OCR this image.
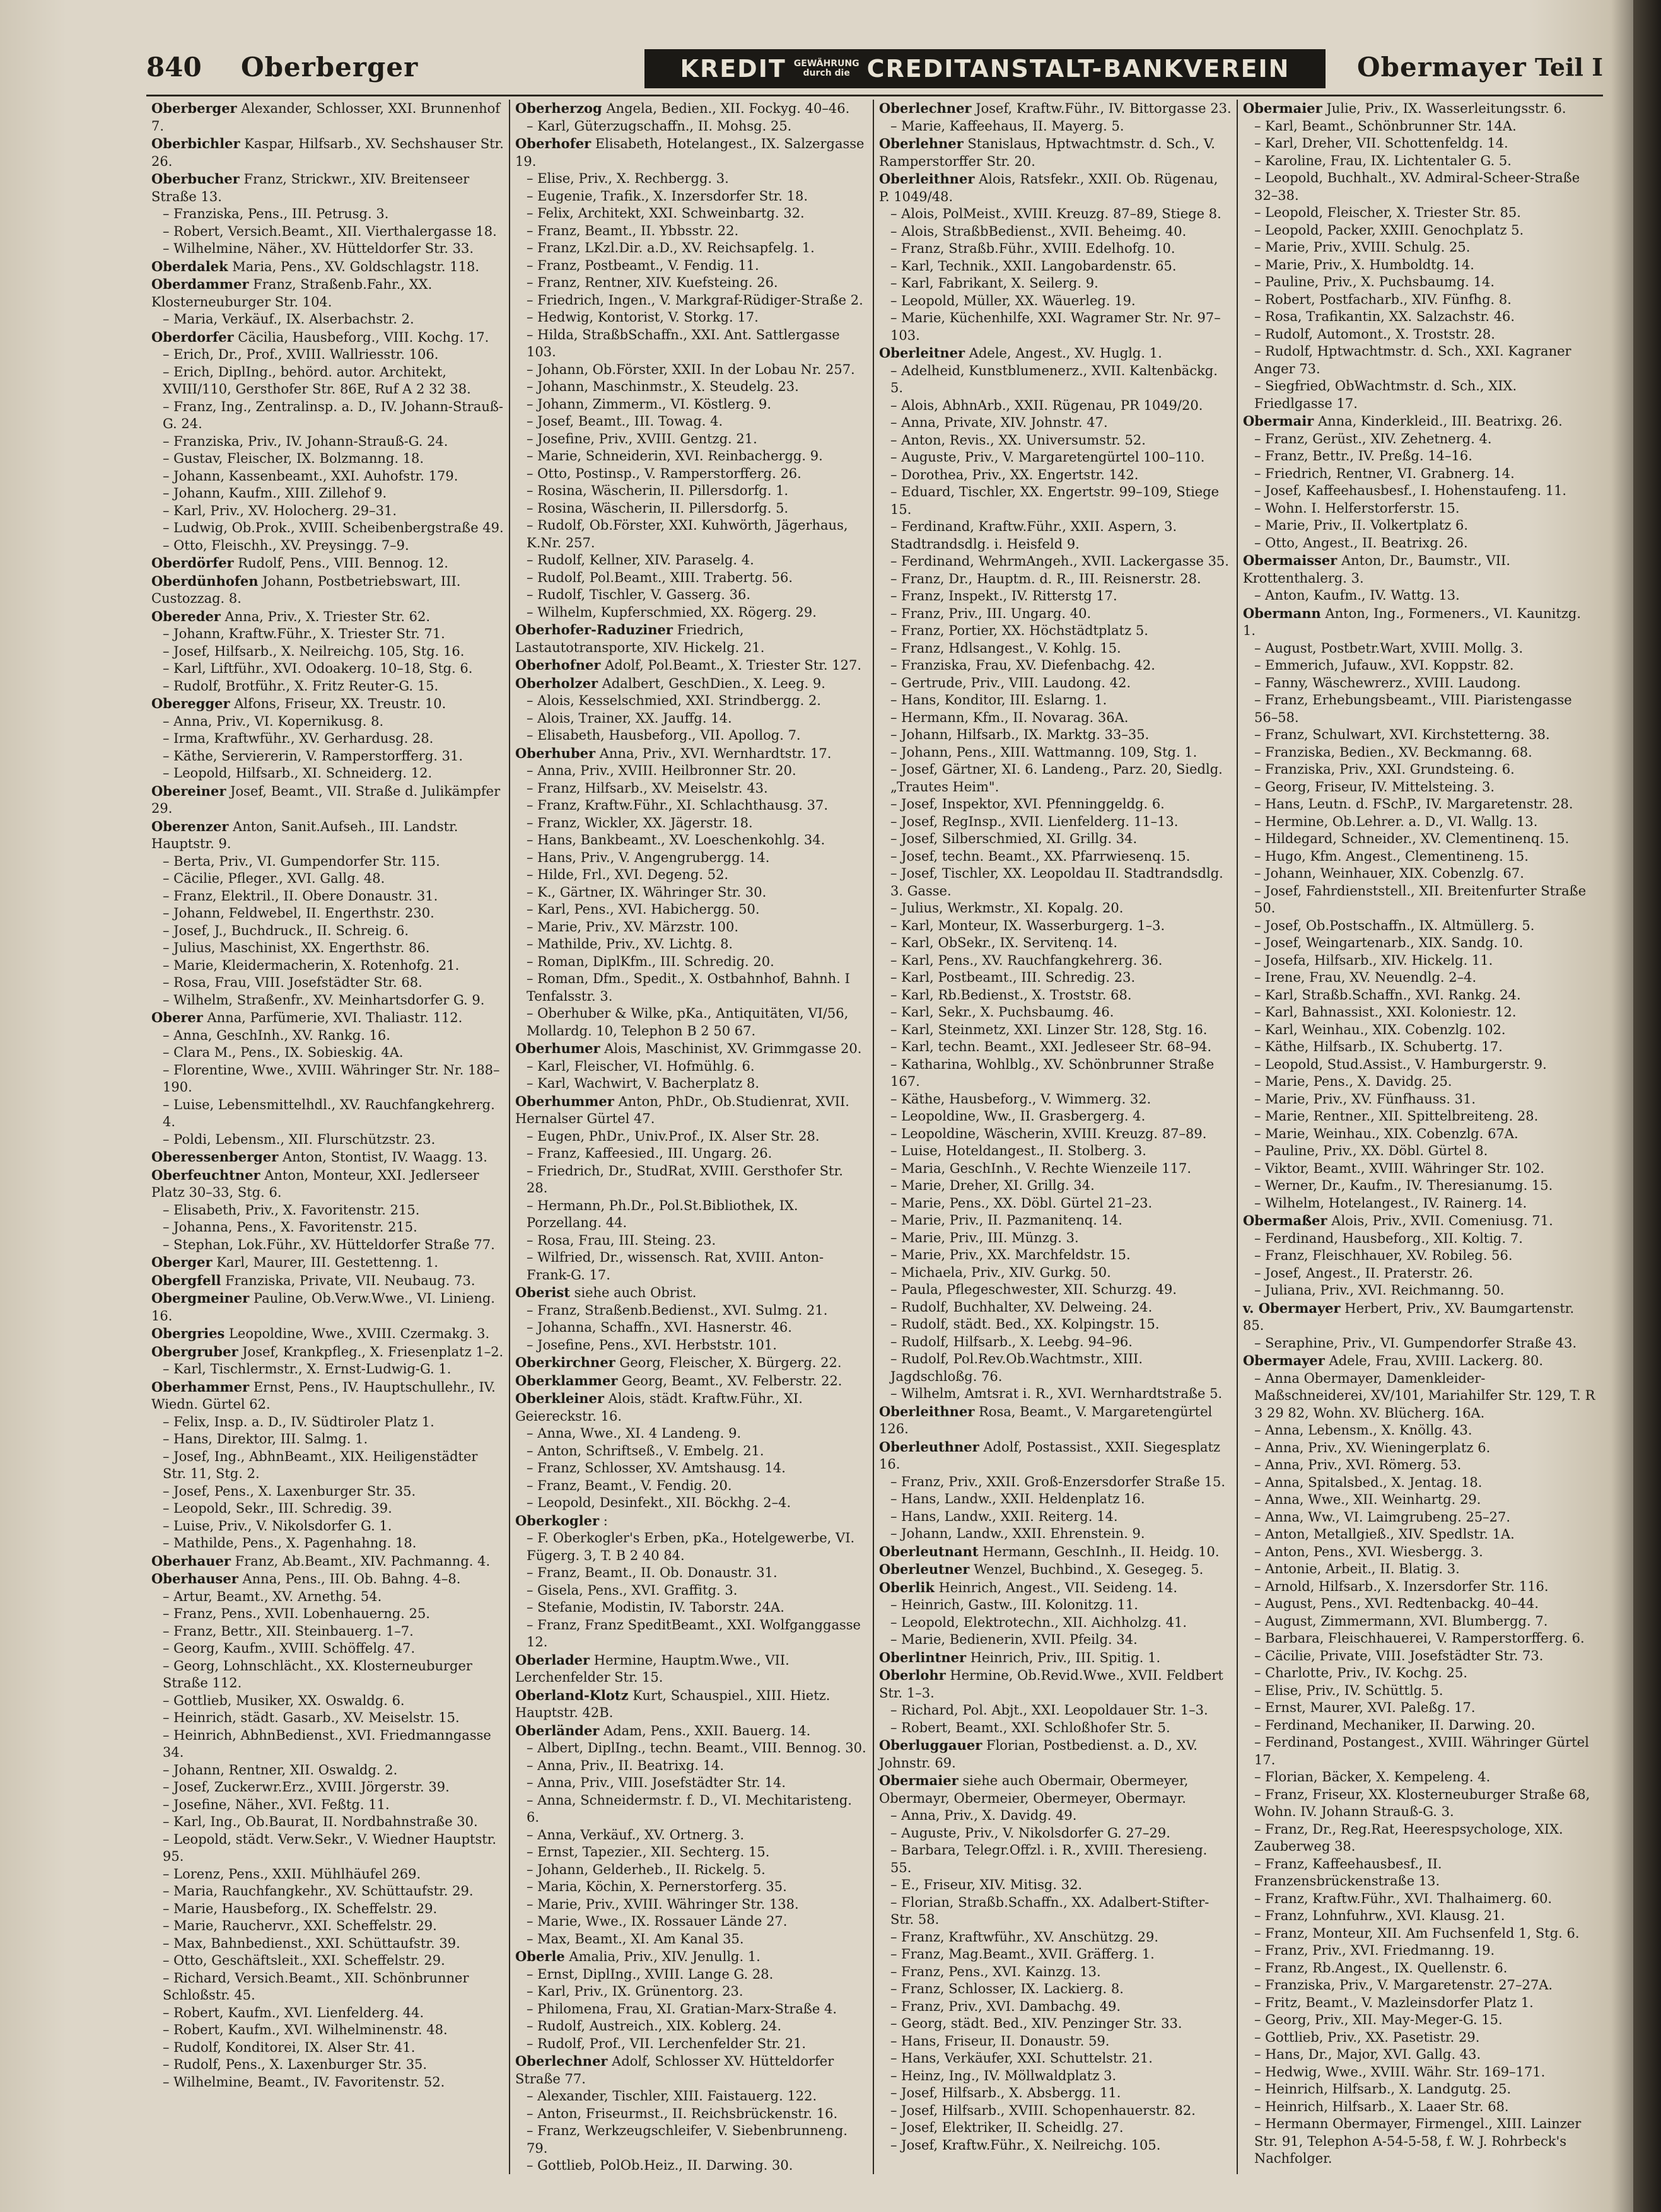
840 Oberberger	KREDIT GEWÄHRUNG
durch die CREDITANSTALT-BANKVEREIN	Obermayer Teil I
Oberberger Alexander, Schlosser, XXI. Brunnenhof 7.
Oberbichler Kaspar, Hilfsarb., XV. Sechshauser Str. 26.
Oberbucher Franz, Strickwr., XIV. Breitenseer Straße 13.
– Franziska, Pens., III. Petrusg. 3.
– Robert, Versich.Beamt., XII. Vierthalergasse 18.
– Wilhelmine, Näher., XV. Hütteldorfer Str. 33.
Oberdalek Maria, Pens., XV. Goldschlagstr. 118.
Oberdammer Franz, Straßenb.Fahr., XX. Klosterneuburger Str. 104.
– Maria, Verkäuf., IX. Alserbachstr. 2.
Oberdorfer Cäcilia, Hausbeforg., VIII. Kochg. 17.
– Erich, Dr., Prof., XVIII. Wallriesstr. 106.
– Erich, DiplIng., behörd. autor. Architekt, XVIII/110, Gersthofer Str. 86E, Ruf A 2 32 38.
– Franz, Ing., Zentralinsp. a. D., IV. Johann-Strauß-G. 24.
– Franziska, Priv., IV. Johann-Strauß-G. 24.
– Gustav, Fleischer, IX. Bolzmanng. 18.
– Johann, Kassenbeamt., XXI. Auhofstr. 179.
– Johann, Kaufm., XIII. Zillehof 9.
– Karl, Priv., XV. Holocherg. 29–31.
– Ludwig, Ob.Prok., XVIII. Scheibenbergstraße 49.
– Otto, Fleischh., XV. Preysingg. 7–9.
Oberdörfer Rudolf, Pens., VIII. Bennog. 12.
Oberdünhofen Johann, Postbetriebswart, III. Custozzag. 8.
Obereder Anna, Priv., X. Triester Str. 62.
– Johann, Kraftw.Führ., X. Triester Str. 71.
– Josef, Hilfsarb., X. Neilreichg. 105, Stg. 16.
– Karl, Liftführ., XVI. Odoakerg. 10–18, Stg. 6.
– Rudolf, Brotführ., X. Fritz Reuter-G. 15.
Oberegger Alfons, Friseur, XX. Treustr. 10.
– Anna, Priv., VI. Kopernikusg. 8.
– Irma, Kraftwführ., XV. Gerhardusg. 28.
– Käthe, Serviererin, V. Ramperstorfferg. 31.
– Leopold, Hilfsarb., XI. Schneiderg. 12.
Obereiner Josef, Beamt., VII. Straße d. Julikämpfer 29.
Oberenzer Anton, Sanit.Aufseh., III. Landstr. Hauptstr. 9.
– Berta, Priv., VI. Gumpendorfer Str. 115.
– Cäcilie, Pfleger., XVI. Gallg. 48.
– Franz, Elektril., II. Obere Donaustr. 31.
– Johann, Feldwebel, II. Engerthstr. 230.
– Josef, J., Buchdruck., II. Schreig. 6.
– Julius, Maschinist, XX. Engerthstr. 86.
– Marie, Kleidermacherin, X. Rotenhofg. 21.
– Rosa, Frau, VIII. Josefstädter Str. 68.
– Wilhelm, Straßenfr., XV. Meinhartsdorfer G. 9.
Oberer Anna, Parfümerie, XVI. Thaliastr. 112.
– Anna, GeschInh., XV. Rankg. 16.
– Clara M., Pens., IX. Sobieskig. 4A.
– Florentine, Wwe., XVIII. Währinger Str. Nr. 188–190.
– Luise, Lebensmittelhdl., XV. Rauchfangkehrerg. 4.
– Poldi, Lebensm., XII. Flurschützstr. 23.
Oberessenberger Anton, Stontist, IV. Waagg. 13.
Oberfeuchtner Anton, Monteur, XXI. Jedlerseer Platz 30–33, Stg. 6.
– Elisabeth, Priv., X. Favoritenstr. 215.
– Johanna, Pens., X. Favoritenstr. 215.
– Stephan, Lok.Führ., XV. Hütteldorfer Straße 77.
Oberger Karl, Maurer, III. Gestettenng. 1.
Obergfell Franziska, Private, VII. Neubaug. 73.
Obergmeiner Pauline, Ob.Verw.Wwe., VI. Linieng. 16.
Obergries Leopoldine, Wwe., XVIII. Czermakg. 3.
Obergruber Josef, Krankpfleg., X. Friesenplatz 1–2.
– Karl, Tischlermstr., X. Ernst-Ludwig-G. 1.
Oberhammer Ernst, Pens., IV. Hauptschullehr., IV. Wiedn. Gürtel 62.
– Felix, Insp. a. D., IV. Südtiroler Platz 1.
– Hans, Direktor, III. Salmg. 1.
– Josef, Ing., AbhnBeamt., XIX. Heiligenstädter Str. 11, Stg. 2.
– Josef, Pens., X. Laxenburger Str. 35.
– Leopold, Sekr., III. Schredig. 39.
– Luise, Priv., V. Nikolsdorfer G. 1.
– Mathilde, Pens., X. Pagenhahng. 18.
Oberhauer Franz, Ab.Beamt., XIV. Pachmanng. 4.
Oberhauser Anna, Pens., III. Ob. Bahng. 4–8.
– Artur, Beamt., XV. Arnethg. 54.
– Franz, Pens., XVII. Lobenhauerng. 25.
– Franz, Bettr., XII. Steinbauerg. 1–7.
– Georg, Kaufm., XVIII. Schöffelg. 47.
– Georg, Lohnschlächt., XX. Klosterneuburger Straße 112.
– Gottlieb, Musiker, XX. Oswaldg. 6.
– Heinrich, städt. Gasarb., XV. Meiselstr. 15.
– Heinrich, AbhnBedienst., XVI. Friedmanngasse 34.
– Johann, Rentner, XII. Oswaldg. 2.
– Josef, Zuckerwr.Erz., XVIII. Jörgerstr. 39.
– Josefine, Näher., XVI. Feßtg. 11.
– Karl, Ing., Ob.Baurat, II. Nordbahnstraße 30.
– Leopold, städt. Verw.Sekr., V. Wiedner Hauptstr. 95.
– Lorenz, Pens., XXII. Mühlhäufel 269.
– Maria, Rauchfangkehr., XV. Schüttaufstr. 29.
– Marie, Hausbeforg., IX. Scheffelstr. 29.
– Marie, Rauchervr., XXI. Scheffelstr. 29.
– Max, Bahnbedienst., XXI. Schüttaufstr. 39.
– Otto, Geschäftsleit., XXI. Scheffelstr. 29.
– Richard, Versich.Beamt., XII. Schönbrunner Schloßstr. 45.
– Robert, Kaufm., XVI. Lienfelderg. 44.
– Robert, Kaufm., XVI. Wilhelminenstr. 48.
– Rudolf, Konditorei, IX. Alser Str. 41.
– Rudolf, Pens., X. Laxenburger Str. 35.
– Wilhelmine, Beamt., IV. Favoritenstr. 52.
Oberherzog Angela, Bedien., XII. Fockyg. 40–46.
– Karl, Güterzugschaffn., II. Mohsg. 25.
Oberhofer Elisabeth, Hotelangest., IX. Salzergasse 19.
– Elise, Priv., X. Rechbergg. 3.
– Eugenie, Trafik., X. Inzersdorfer Str. 18.
– Felix, Architekt, XXI. Schweinbartg. 32.
– Franz, Beamt., II. Ybbsstr. 22.
– Franz, LKzl.Dir. a.D., XV. Reichsapfelg. 1.
– Franz, Postbeamt., V. Fendig. 11.
– Franz, Rentner, XIV. Kuefsteing. 26.
– Friedrich, Ingen., V. Markgraf-Rüdiger-Straße 2.
– Hedwig, Kontorist, V. Storkg. 17.
– Hilda, StraßbSchaffn., XXI. Ant. Sattlergasse 103.
– Johann, Ob.Förster, XXII. In der Lobau Nr. 257.
– Johann, Maschinmstr., X. Steudelg. 23.
– Johann, Zimmerm., VI. Köstlerg. 9.
– Josef, Beamt., III. Towag. 4.
– Josefine, Priv., XVIII. Gentzg. 21.
– Marie, Schneiderin, XVI. Reinbachergg. 9.
– Otto, Postinsp., V. Ramperstorfferg. 26.
– Rosina, Wäscherin, II. Pillersdorfg. 1.
– Rosina, Wäscherin, II. Pillersdorfg. 5.
– Rudolf, Ob.Förster, XXI. Kuhwörth, Jägerhaus, K.Nr. 257.
– Rudolf, Kellner, XIV. Paraselg. 4.
– Rudolf, Pol.Beamt., XIII. Trabertg. 56.
– Rudolf, Tischler, V. Gasserg. 36.
– Wilhelm, Kupferschmied, XX. Rögerg. 29.
Oberhofer-Raduziner Friedrich, Lastautotransporte, XIV. Hickelg. 21.
Oberhofner Adolf, Pol.Beamt., X. Triester Str. 127.
Oberholzer Adalbert, GeschDien., X. Leeg. 9.
– Alois, Kesselschmied, XXI. Strindbergg. 2.
– Alois, Trainer, XX. Jauffg. 14.
– Elisabeth, Hausbeforg., VII. Apollog. 7.
Oberhuber Anna, Priv., XVI. Wernhardtstr. 17.
– Anna, Priv., XVIII. Heilbronner Str. 20.
– Franz, Hilfsarb., XV. Meiselstr. 43.
– Franz, Kraftw.Führ., XI. Schlachthausg. 37.
– Franz, Wickler, XX. Jägerstr. 18.
– Hans, Bankbeamt., XV. Loeschenkohlg. 34.
– Hans, Priv., V. Angengrubergg. 14.
– Hilde, Frl., XVI. Degeng. 52.
– K., Gärtner, IX. Währinger Str. 30.
– Karl, Pens., XVI. Habichergg. 50.
– Marie, Priv., XV. Märzstr. 100.
– Mathilde, Priv., XV. Lichtg. 8.
– Roman, DiplKfm., III. Schredig. 20.
– Roman, Dfm., Spedit., X. Ostbahnhof, Bahnh. I Tenfalsstr. 3.
– Oberhuber & Wilke, pKa., Antiquitäten, VI/56, Mollardg. 10, Telephon B 2 50 67.
Oberhumer Alois, Maschinist, XV. Grimmgasse 20.
– Karl, Fleischer, VI. Hofmühlg. 6.
– Karl, Wachwirt, V. Bacherplatz 8.
Oberhummer Anton, PhDr., Ob.Studienrat, XVII. Hernalser Gürtel 47.
– Eugen, PhDr., Univ.Prof., IX. Alser Str. 28.
– Franz, Kaffeesied., III. Ungarg. 26.
– Friedrich, Dr., StudRat, XVIII. Gersthofer Str. 28.
– Hermann, Ph.Dr., Pol.St.Bibliothek, IX. Porzellang. 44.
– Rosa, Frau, III. Steing. 23.
– Wilfried, Dr., wissensch. Rat, XVIII. Anton-Frank-G. 17.
Oberist siehe auch Obrist.
– Franz, Straßenb.Bedienst., XVI. Sulmg. 21.
– Johanna, Schaffn., XVI. Hasnerstr. 46.
– Josefine, Pens., XVI. Herbststr. 101.
Oberkirchner Georg, Fleischer, X. Bürgerg. 22.
Oberklammer Georg, Beamt., XV. Felberstr. 22.
Oberkleiner Alois, städt. Kraftw.Führ., XI. Geiereckstr. 16.
– Anna, Wwe., XI. 4 Landeng. 9.
– Anton, Schriftseß., V. Embelg. 21.
– Franz, Schlosser, XV. Amtshausg. 14.
– Franz, Beamt., V. Fendig. 20.
– Leopold, Desinfekt., XII. Böckhg. 2–4.
Oberkogler :
– F. Oberkogler's Erben, pKa., Hotelgewerbe, VI. Fügerg. 3, T. B 2 40 84.
– Franz, Beamt., II. Ob. Donaustr. 31.
– Gisela, Pens., XVI. Graffitg. 3.
– Stefanie, Modistin, IV. Taborstr. 24A.
– Franz, Franz SpeditBeamt., XXI. Wolfganggasse 12.
Oberlader Hermine, Hauptm.Wwe., VII. Lerchenfelder Str. 15.
Oberland-Klotz Kurt, Schauspiel., XIII. Hietz. Hauptstr. 42B.
Oberländer Adam, Pens., XXII. Bauerg. 14.
– Albert, DiplIng., techn. Beamt., VIII. Bennog. 30.
– Anna, Priv., II. Beatrixg. 14.
– Anna, Priv., VIII. Josefstädter Str. 14.
– Anna, Schneidermstr. f. D., VI. Mechitaristeng. 6.
– Anna, Verkäuf., XV. Ortnerg. 3.
– Ernst, Tapezier., XII. Sechterg. 15.
– Johann, Gelderheb., II. Rickelg. 5.
– Maria, Köchin, X. Pernerstorferg. 35.
– Marie, Priv., XVIII. Währinger Str. 138.
– Marie, Wwe., IX. Rossauer Lände 27.
– Max, Beamt., XI. Am Kanal 35.
Oberle Amalia, Priv., XIV. Jenullg. 1.
– Ernst, DiplIng., XVIII. Lange G. 28.
– Karl, Priv., IX. Grünentorg. 23.
– Philomena, Frau, XI. Gratian-Marx-Straße 4.
– Rudolf, Austreich., XIX. Koblerg. 24.
– Rudolf, Prof., VII. Lerchenfelder Str. 21.
Oberlechner Adolf, Schlosser XV. Hütteldorfer Straße 77.
– Alexander, Tischler, XIII. Faistauerg. 122.
– Anton, Friseurmst., II. Reichsbrückenstr. 16.
– Franz, Werkzeugschleifer, V. Siebenbrunneng. 79.
– Gottlieb, PolOb.Heiz., II. Darwing. 30.
Oberlechner Josef, Kraftw.Führ., IV. Bittorgasse 23.
– Marie, Kaffeehaus, II. Mayerg. 5.
Oberlehner Stanislaus, Hptwachtmstr. d. Sch., V. Ramperstorffer Str. 20.
Oberleithner Alois, Ratsfekr., XXII. Ob. Rügenau, P. 1049/48.
– Alois, PolMeist., XVIII. Kreuzg. 87–89, Stiege 8.
– Alois, StraßbBedienst., XVII. Beheimg. 40.
– Franz, Straßb.Führ., XVIII. Edelhofg. 10.
– Karl, Technik., XXII. Langobardenstr. 65.
– Karl, Fabrikant, X. Seilerg. 9.
– Leopold, Müller, XX. Wäuerleg. 19.
– Marie, Küchenhilfe, XXI. Wagramer Str. Nr. 97–103.
Oberleitner Adele, Angest., XV. Huglg. 1.
– Adelheid, Kunstblumenerz., XVII. Kaltenbäckg. 5.
– Alois, AbhnArb., XXII. Rügenau, PR 1049/20.
– Anna, Private, XIV. Johnstr. 47.
– Anton, Revis., XX. Universumstr. 52.
– Auguste, Priv., V. Margaretengürtel 100–110.
– Dorothea, Priv., XX. Engertstr. 142.
– Eduard, Tischler, XX. Engertstr. 99–109, Stiege 15.
– Ferdinand, Kraftw.Führ., XXII. Aspern, 3. Stadtrandsdlg. i. Heisfeld 9.
– Ferdinand, WehrmAngeh., XVII. Lackergasse 35.
– Franz, Dr., Hauptm. d. R., III. Reisnerstr. 28.
– Franz, Inspekt., IV. Ritterstg 17.
– Franz, Priv., III. Ungarg. 40.
– Franz, Portier, XX. Höchstädtplatz 5.
– Franz, Hdlsangest., V. Kohlg. 15.
– Franziska, Frau, XV. Diefenbachg. 42.
– Gertrude, Priv., VIII. Laudong. 42.
– Hans, Konditor, III. Eslarng. 1.
– Hermann, Kfm., II. Novarag. 36A.
– Johann, Hilfsarb., IX. Marktg. 33–35.
– Johann, Pens., XIII. Wattmanng. 109, Stg. 1.
– Josef, Gärtner, XI. 6. Landeng., Parz. 20, Siedlg. „Trautes Heim".
– Josef, Inspektor, XVI. Pfenninggeldg. 6.
– Josef, RegInsp., XVII. Lienfelderg. 11–13.
– Josef, Silberschmied, XI. Grillg. 34.
– Josef, techn. Beamt., XX. Pfarrwiesenq. 15.
– Josef, Tischler, XX. Leopoldau II. Stadtrandsdlg. 3. Gasse.
– Julius, Werkmstr., XI. Kopalg. 20.
– Karl, Monteur, IX. Wasserburgerg. 1–3.
– Karl, ObSekr., IX. Servitenq. 14.
– Karl, Pens., XV. Rauchfangkehrerg. 36.
– Karl, Postbeamt., III. Schredig. 23.
– Karl, Rb.Bedienst., X. Troststr. 68.
– Karl, Sekr., X. Puchsbaumg. 46.
– Karl, Steinmetz, XXI. Linzer Str. 128, Stg. 16.
– Karl, techn. Beamt., XXI. Jedleseer Str. 68–94.
– Katharina, Wohlblg., XV. Schönbrunner Straße 167.
– Käthe, Hausbeforg., V. Wimmerg. 32.
– Leopoldine, Ww., II. Grasbergerg. 4.
– Leopoldine, Wäscherin, XVIII. Kreuzg. 87–89.
– Luise, Hoteldangest., II. Stolberg. 3.
– Maria, GeschInh., V. Rechte Wienzeile 117.
– Marie, Dreher, XI. Grillg. 34.
– Marie, Pens., XX. Döbl. Gürtel 21–23.
– Marie, Priv., II. Pazmanitenq. 14.
– Marie, Priv., III. Münzg. 3.
– Marie, Priv., XX. Marchfeldstr. 15.
– Michaela, Priv., XIV. Gurkg. 50.
– Paula, Pflegeschwester, XII. Schurzg. 49.
– Rudolf, Buchhalter, XV. Delweing. 24.
– Rudolf, städt. Bed., XX. Kolpingstr. 15.
– Rudolf, Hilfsarb., X. Leebg. 94–96.
– Rudolf, Pol.Rev.Ob.Wachtmstr., XIII. Jagdschloßg. 76.
– Wilhelm, Amtsrat i. R., XVI. Wernhardtstraße 5.
Oberleithner Rosa, Beamt., V. Margaretengürtel 126.
Oberleuthner Adolf, Postassist., XXII. Siegesplatz 16.
– Franz, Priv., XXII. Groß-Enzersdorfer Straße 15.
– Hans, Landw., XXII. Heldenplatz 16.
– Hans, Landw., XXII. Reiterg. 14.
– Johann, Landw., XXII. Ehrenstein. 9.
Oberleutnant Hermann, GeschInh., II. Heidg. 10.
Oberleutner Wenzel, Buchbind., X. Gesegeg. 5.
Oberlik Heinrich, Angest., VII. Seideng. 14.
– Heinrich, Gastw., III. Kolonitzg. 11.
– Leopold, Elektrotechn., XII. Aichholzg. 41.
– Marie, Bedienerin, XVII. Pfeilg. 34.
Oberlintner Heinrich, Priv., III. Spitig. 1.
Oberlohr Hermine, Ob.Revid.Wwe., XVII. Feldbert Str. 1–3.
– Richard, Pol. Abjt., XXI. Leopoldauer Str. 1–3.
– Robert, Beamt., XXI. Schloßhofer Str. 5.
Oberluggauer Florian, Postbedienst. a. D., XV. Johnstr. 69.
Obermaier siehe auch Obermair, Obermeyer, Obermayr, Obermeier, Obermeyer, Obermayr.
– Anna, Priv., X. Davidg. 49.
– Auguste, Priv., V. Nikolsdorfer G. 27–29.
– Barbara, Telegr.Offzl. i. R., XVIII. Theresieng. 55.
– E., Friseur, XIV. Mitisg. 32.
– Florian, Straßb.Schaffn., XX. Adalbert-Stifter-Str. 58.
– Franz, Kraftwführ., XV. Anschützg. 29.
– Franz, Mag.Beamt., XVII. Gräfferg. 1.
– Franz, Pens., XVI. Kainzg. 13.
– Franz, Schlosser, IX. Lackierg. 8.
– Franz, Priv., XVI. Dambachg. 49.
– Georg, städt. Bed., XIV. Penzinger Str. 33.
– Hans, Friseur, II. Donaustr. 59.
– Hans, Verkäufer, XXI. Schuttelstr. 21.
– Heinz, Ing., IV. Möllwaldplatz 3.
– Josef, Hilfsarb., X. Absbergg. 11.
– Josef, Hilfsarb., XVIII. Schopenhauerstr. 82.
– Josef, Elektriker, II. Scheidlg. 27.
– Josef, Kraftw.Führ., X. Neilreichg. 105.
Obermaier Julie, Priv., IX. Wasserleitungsstr. 6.
– Karl, Beamt., Schönbrunner Str. 14A.
– Karl, Dreher, VII. Schottenfeldg. 14.
– Karoline, Frau, IX. Lichtentaler G. 5.
– Leopold, Buchhalt., XV. Admiral-Scheer-Straße 32–38.
– Leopold, Fleischer, X. Triester Str. 85.
– Leopold, Packer, XXIII. Genochplatz 5.
– Marie, Priv., XVIII. Schulg. 25.
– Marie, Priv., X. Humboldtg. 14.
– Pauline, Priv., X. Puchsbaumg. 14.
– Robert, Postfacharb., XIV. Fünfhg. 8.
– Rosa, Trafikantin, XX. Salzachstr. 46.
– Rudolf, Automont., X. Troststr. 28.
– Rudolf, Hptwachtmstr. d. Sch., XXI. Kagraner Anger 73.
– Siegfried, ObWachtmstr. d. Sch., XIX. Friedlgasse 17.
Obermair Anna, Kinderkleid., III. Beatrixg. 26.
– Franz, Gerüst., XIV. Zehetnerg. 4.
– Franz, Bettr., IV. Preßg. 14–16.
– Friedrich, Rentner, VI. Grabnerg. 14.
– Josef, Kaffeehausbesf., I. Hohenstaufeng. 11.
– Wohn. I. Helferstorferstr. 15.
– Marie, Priv., II. Volkertplatz 6.
– Otto, Angest., II. Beatrixg. 26.
Obermaisser Anton, Dr., Baumstr., VII. Krottenthalerg. 3.
– Anton, Kaufm., IV. Wattg. 13.
Obermann Anton, Ing., Formeners., VI. Kaunitzg. 1.
– August, Postbetr.Wart, XVIII. Mollg. 3.
– Emmerich, Jufauw., XVI. Koppstr. 82.
– Fanny, Wäschewrerz., XVIII. Laudong.
– Franz, Erhebungsbeamt., VIII. Piaristengasse 56–58.
– Franz, Schulwart, XVI. Kirchstetterng. 38.
– Franziska, Bedien., XV. Beckmanng. 68.
– Franziska, Priv., XXI. Grundsteing. 6.
– Georg, Friseur, IV. Mittelsteing. 3.
– Hans, Leutn. d. FSchP., IV. Margaretenstr. 28.
– Hermine, Ob.Lehrer. a. D., VI. Wallg. 13.
– Hildegard, Schneider., XV. Clementinenq. 15.
– Hugo, Kfm. Angest., Clementineng. 15.
– Johann, Weinhauer, XIX. Cobenzlg. 67.
– Josef, Fahrdienststell., XII. Breitenfurter Straße 50.
– Josef, Ob.Postschaffn., IX. Altmüllerg. 5.
– Josef, Weingartenarb., XIX. Sandg. 10.
– Josefa, Hilfsarb., XIV. Hickelg. 11.
– Irene, Frau, XV. Neuendlg. 2–4.
– Karl, Straßb.Schaffn., XVI. Rankg. 24.
– Karl, Bahnassist., XXI. Koloniestr. 12.
– Karl, Weinhau., XIX. Cobenzlg. 102.
– Käthe, Hilfsarb., IX. Schubertg. 17.
– Leopold, Stud.Assist., V. Hamburgerstr. 9.
– Marie, Pens., X. Davidg. 25.
– Marie, Priv., XV. Fünfhauss. 31.
– Marie, Rentner., XII. Spittelbreiteng. 28.
– Marie, Weinhau., XIX. Cobenzlg. 67A.
– Pauline, Priv., XX. Döbl. Gürtel 8.
– Viktor, Beamt., XVIII. Währinger Str. 102.
– Werner, Dr., Kaufm., IV. Theresianumg. 15.
– Wilhelm, Hotelangest., IV. Rainerg. 14.
Obermaßer Alois, Priv., XVII. Comeniusg. 71.
– Ferdinand, Hausbeforg., XII. Koltig. 7.
– Franz, Fleischhauer, XV. Robileg. 56.
– Josef, Angest., II. Praterstr. 26.
– Juliana, Priv., XVI. Reichmanng. 50.
v. Obermayer Herbert, Priv., XV. Baumgartenstr. 85.
– Seraphine, Priv., VI. Gumpendorfer Straße 43.
Obermayer Adele, Frau, XVIII. Lackerg. 80.
– Anna Obermayer, Damenkleider-Maßschneiderei, XV/101, Mariahilfer Str. 129, T. R 3 29 82, Wohn. XV. Blücherg. 16A.
– Anna, Lebensm., X. Knöllg. 43.
– Anna, Priv., XV. Wieningerplatz 6.
– Anna, Priv., XVI. Römerg. 53.
– Anna, Spitalsbed., X. Jentag. 18.
– Anna, Wwe., XII. Weinhartg. 29.
– Anna, Ww., VI. Laimgrubeng. 25–27.
– Anton, Metallgieß., XIV. Spedlstr. 1A.
– Anton, Pens., XVI. Wiesbergg. 3.
– Antonie, Arbeit., II. Blatig. 3.
– Arnold, Hilfsarb., X. Inzersdorfer Str. 116.
– August, Pens., XVI. Redtenbackg. 40–44.
– August, Zimmermann, XVI. Blumbergg. 7.
– Barbara, Fleischhauerei, V. Ramperstorfferg. 6.
– Cäcilie, Private, VIII. Josefstädter Str. 73.
– Charlotte, Priv., IV. Kochg. 25.
– Elise, Priv., IV. Schüttlg. 5.
– Ernst, Maurer, XVI. Paleßg. 17.
– Ferdinand, Mechaniker, II. Darwing. 20.
– Ferdinand, Postangest., XVIII. Währinger Gürtel 17.
– Florian, Bäcker, X. Kempeleng. 4.
– Franz, Friseur, XX. Klosterneuburger Straße 68, Wohn. IV. Johann Strauß-G. 3.
– Franz, Dr., Reg.Rat, Heerespsychologe, XIX. Zauberweg 38.
– Franz, Kaffeehausbesf., II. Franzensbrückenstraße 13.
– Franz, Kraftw.Führ., XVI. Thalhaimerg. 60.
– Franz, Lohnfuhrw., XVI. Klausg. 21.
– Franz, Monteur, XII. Am Fuchsenfeld 1, Stg. 6.
– Franz, Priv., XVI. Friedmanng. 19.
– Franz, Rb.Angest., IX. Quellenstr. 6.
– Franziska, Priv., V. Margaretenstr. 27–27A.
– Fritz, Beamt., V. Mazleinsdorfer Platz 1.
– Georg, Priv., XII. May-Meger-G. 15.
– Gottlieb, Priv., XX. Pasetistr. 29.
– Hans, Dr., Major, XVI. Gallg. 43.
– Hedwig, Wwe., XVIII. Währ. Str. 169–171.
– Heinrich, Hilfsarb., X. Landgutg. 25.
– Heinrich, Hilfsarb., X. Laaer Str. 68.
– Hermann Obermayer, Firmengel., XIII. Lainzer Str. 91, Telephon A-54-5-58, f. W. J. Rohrbeck's Nachfolger.
